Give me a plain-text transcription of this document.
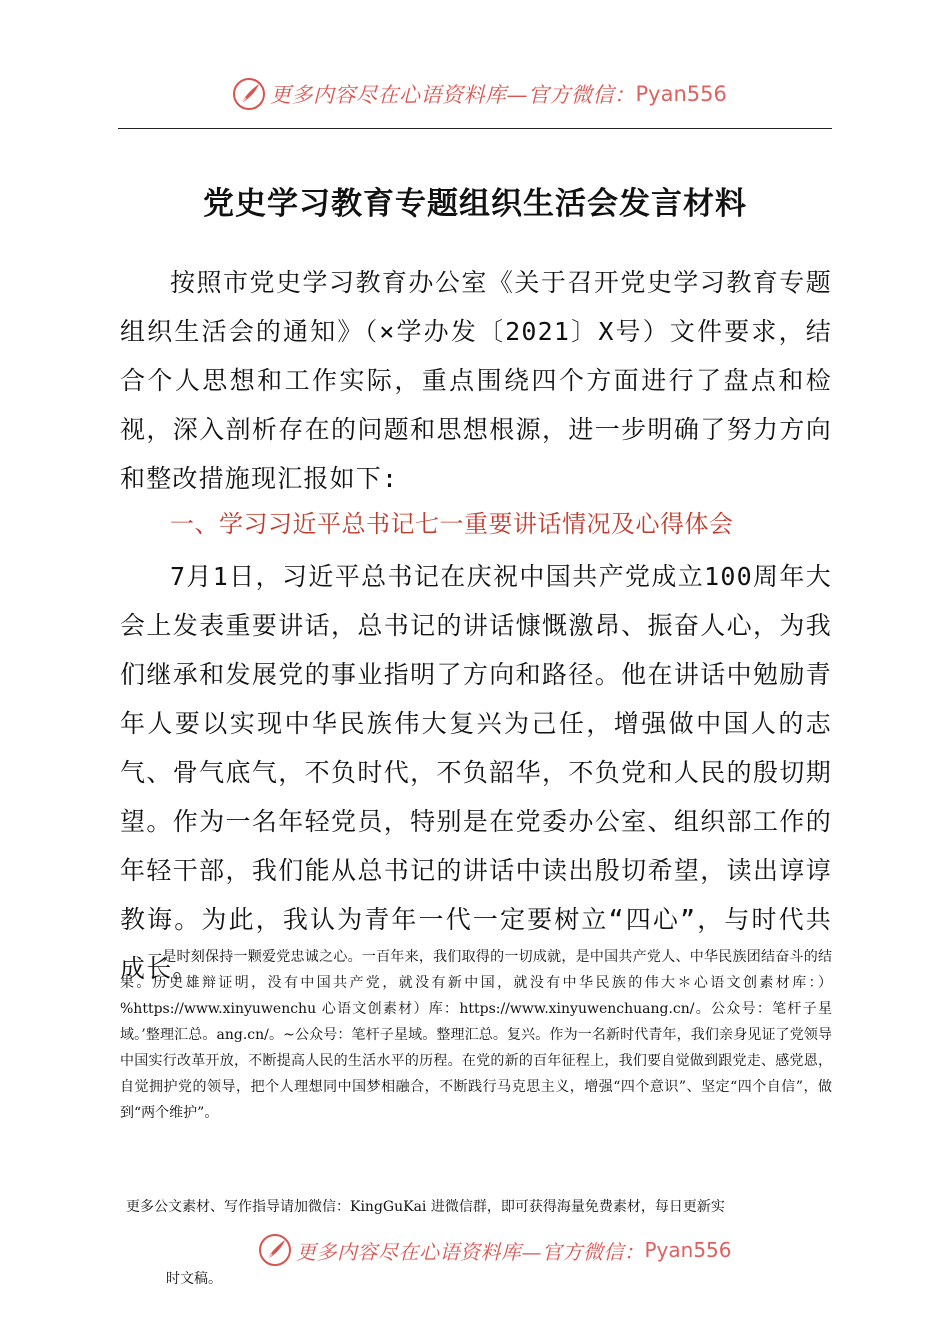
更多内容尽在心语资料库—官方微信： Pyan556
党史学习教育专题组织生活会发言材料

按照市党史学习教育办公室《关于召开党史学习教育专题组织生活会的通知》（×学办发〔2021〕X号）文件要求，结合个人思想和工作实际，重点围绕四个方面进行了盘点和检视，深入剖析存在的问题和思想根源，进一步明确了努力方向和整改措施现汇报如下:

一、学习习近平总书记七一重要讲话情况及心得体会

7月1日，习近平总书记在庆祝中国共产党成立100周年大会上发表重要讲话，总书记的讲话慷慨激昂、振奋人心，为我们继承和发展党的事业指明了方向和路径。他在讲话中勉励青年人要以实现中华民族伟大复兴为己任，增强做中国人的志气、骨气底气，不负时代，不负韶华，不负党和人民的殷切期望。作为一名年轻党员，特别是在党委办公室、组织部工作的年轻干部，我们能从总书记的讲话中读出殷切希望，读出谆谆教诲。为此，我认为青年一代一定要树立“四心”，与时代共成长。

一是时刻保持一颗爱党忠诚之心。一百年来，我们取得的一切成就，是中国共产党人、中华民族团结奋斗的结果。历史雄辩证明，没有中国共产党，就没有新中国，就没有中华民族的伟大＊心语文创素材库：）%https://www.xinyuwenchu 心语文创素材）库：https://www.xinyuwenchuang.cn/。公众号：笔杆子星域。’整理汇总。ang.cn/。~公众号：笔杆子星域。整理汇总。复兴。作为一名新时代青年，我们亲身见证了党领导中国实行改革开放，不断提高人民的生活水平的历程。在党的新的百年征程上，我们要自觉做到跟党走、感党恩，自觉拥护党的领导，把个人理想同中国梦相融合，不断践行马克思主义，增强“四个意识”、坚定“四个自信”，做到“两个维护”。

更多公文素材、写作指导请加微信：KingGuKai 进微信群，即可获得海量免费素材，每日更新实
更多内容尽在心语资料库—官方微信： Pyan556
时文稿。
